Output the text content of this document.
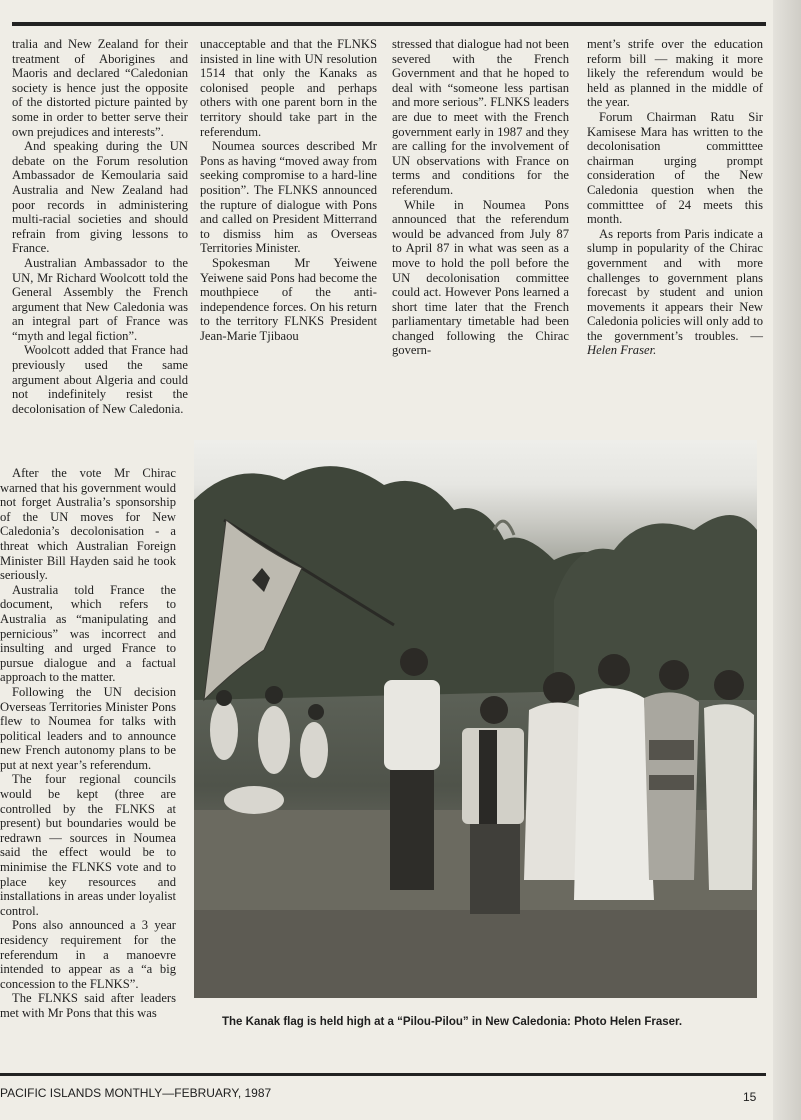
tralia and New Zealand for their treatment of Aborigines and Maoris and declared “Caledonian society is hence just the opposite of the distorted picture painted by some in order to better serve their own prejudices and interests”.

And speaking during the UN debate on the Forum resolution Ambassador de Kemoularia said Australia and New Zealand had poor records in administering multi-racial societies and should refrain from giving lessons to France.

Australian Ambassador to the UN, Mr Richard Woolcott told the General Assembly the French argument that New Caledonia was an integral part of France was “myth and legal fiction”.

Woolcott added that France had previously used the same argument about Algeria and could not indefinitely resist the decolonisation of New Caledonia.

After the vote Mr Chirac warned that his government would not forget Australia’s sponsorship of the UN moves for New Caledonia’s decolonisation - a threat which Australian Foreign Minister Bill Hayden said he took seriously.

Australia told France the document, which refers to Australia as “manipulating and pernicious” was incorrect and insulting and urged France to pursue dialogue and a factual approach to the matter.

Following the UN decision Overseas Territories Minister Pons flew to Noumea for talks with political leaders and to announce new French autonomy plans to be put at next year’s referendum.

The four regional councils would be kept (three are controlled by the FLNKS at present) but boundaries would be redrawn — sources in Noumea said the effect would be to minimise the FLNKS vote and to place key resources and installations in areas under loyalist control.

Pons also announced a 3 year residency requirement for the referendum in a manoevre intended to appear as a “a big concession to the FLNKS”.

The FLNKS said after leaders met with Mr Pons that this was

unacceptable and that the FLNKS insisted in line with UN resolution 1514 that only the Kanaks as colonised people and perhaps others with one parent born in the territory should take part in the referendum.

Noumea sources described Mr Pons as having “moved away from seeking compromise to a hard-line position”. The FLNKS announced the rupture of dialogue with Pons and called on President Mitterrand to dismiss him as Overseas Territories Minister.

Spokesman Mr Yeiwene Yeiwene said Pons had become the mouthpiece of the anti-independence forces. On his return to the territory FLNKS President Jean-Marie Tjibaou

stressed that dialogue had not been severed with the French Government and that he hoped to deal with “someone less partisan and more serious”. FLNKS leaders are due to meet with the French government early in 1987 and they are calling for the involvement of UN observations with France on terms and conditions for the referendum.

While in Noumea Pons announced that the referendum would be advanced from July 87 to April 87 in what was seen as a move to hold the poll before the UN decolonisation committee could act. However Pons learned a short time later that the French parliamentary timetable had been changed following the Chirac govern-

ment’s strife over the education reform bill — making it more likely the referendum would be held as planned in the middle of the year.

Forum Chairman Ratu Sir Kamisese Mara has written to the decolonisation committtee chairman urging prompt consideration of the New Caledonia question when the committtee of 24 meets this month.

As reports from Paris indicate a slump in popularity of the Chirac government and with more challenges to government plans forecast by student and union movements it appears their New Caledonia policies will only add to the government’s troubles. — Helen Fraser.

The Kanak flag is held high at a “Pilou-Pilou” in New Caledonia: Photo Helen Fraser.
PACIFIC ISLANDS MONTHLY—FEBRUARY, 1987	15
